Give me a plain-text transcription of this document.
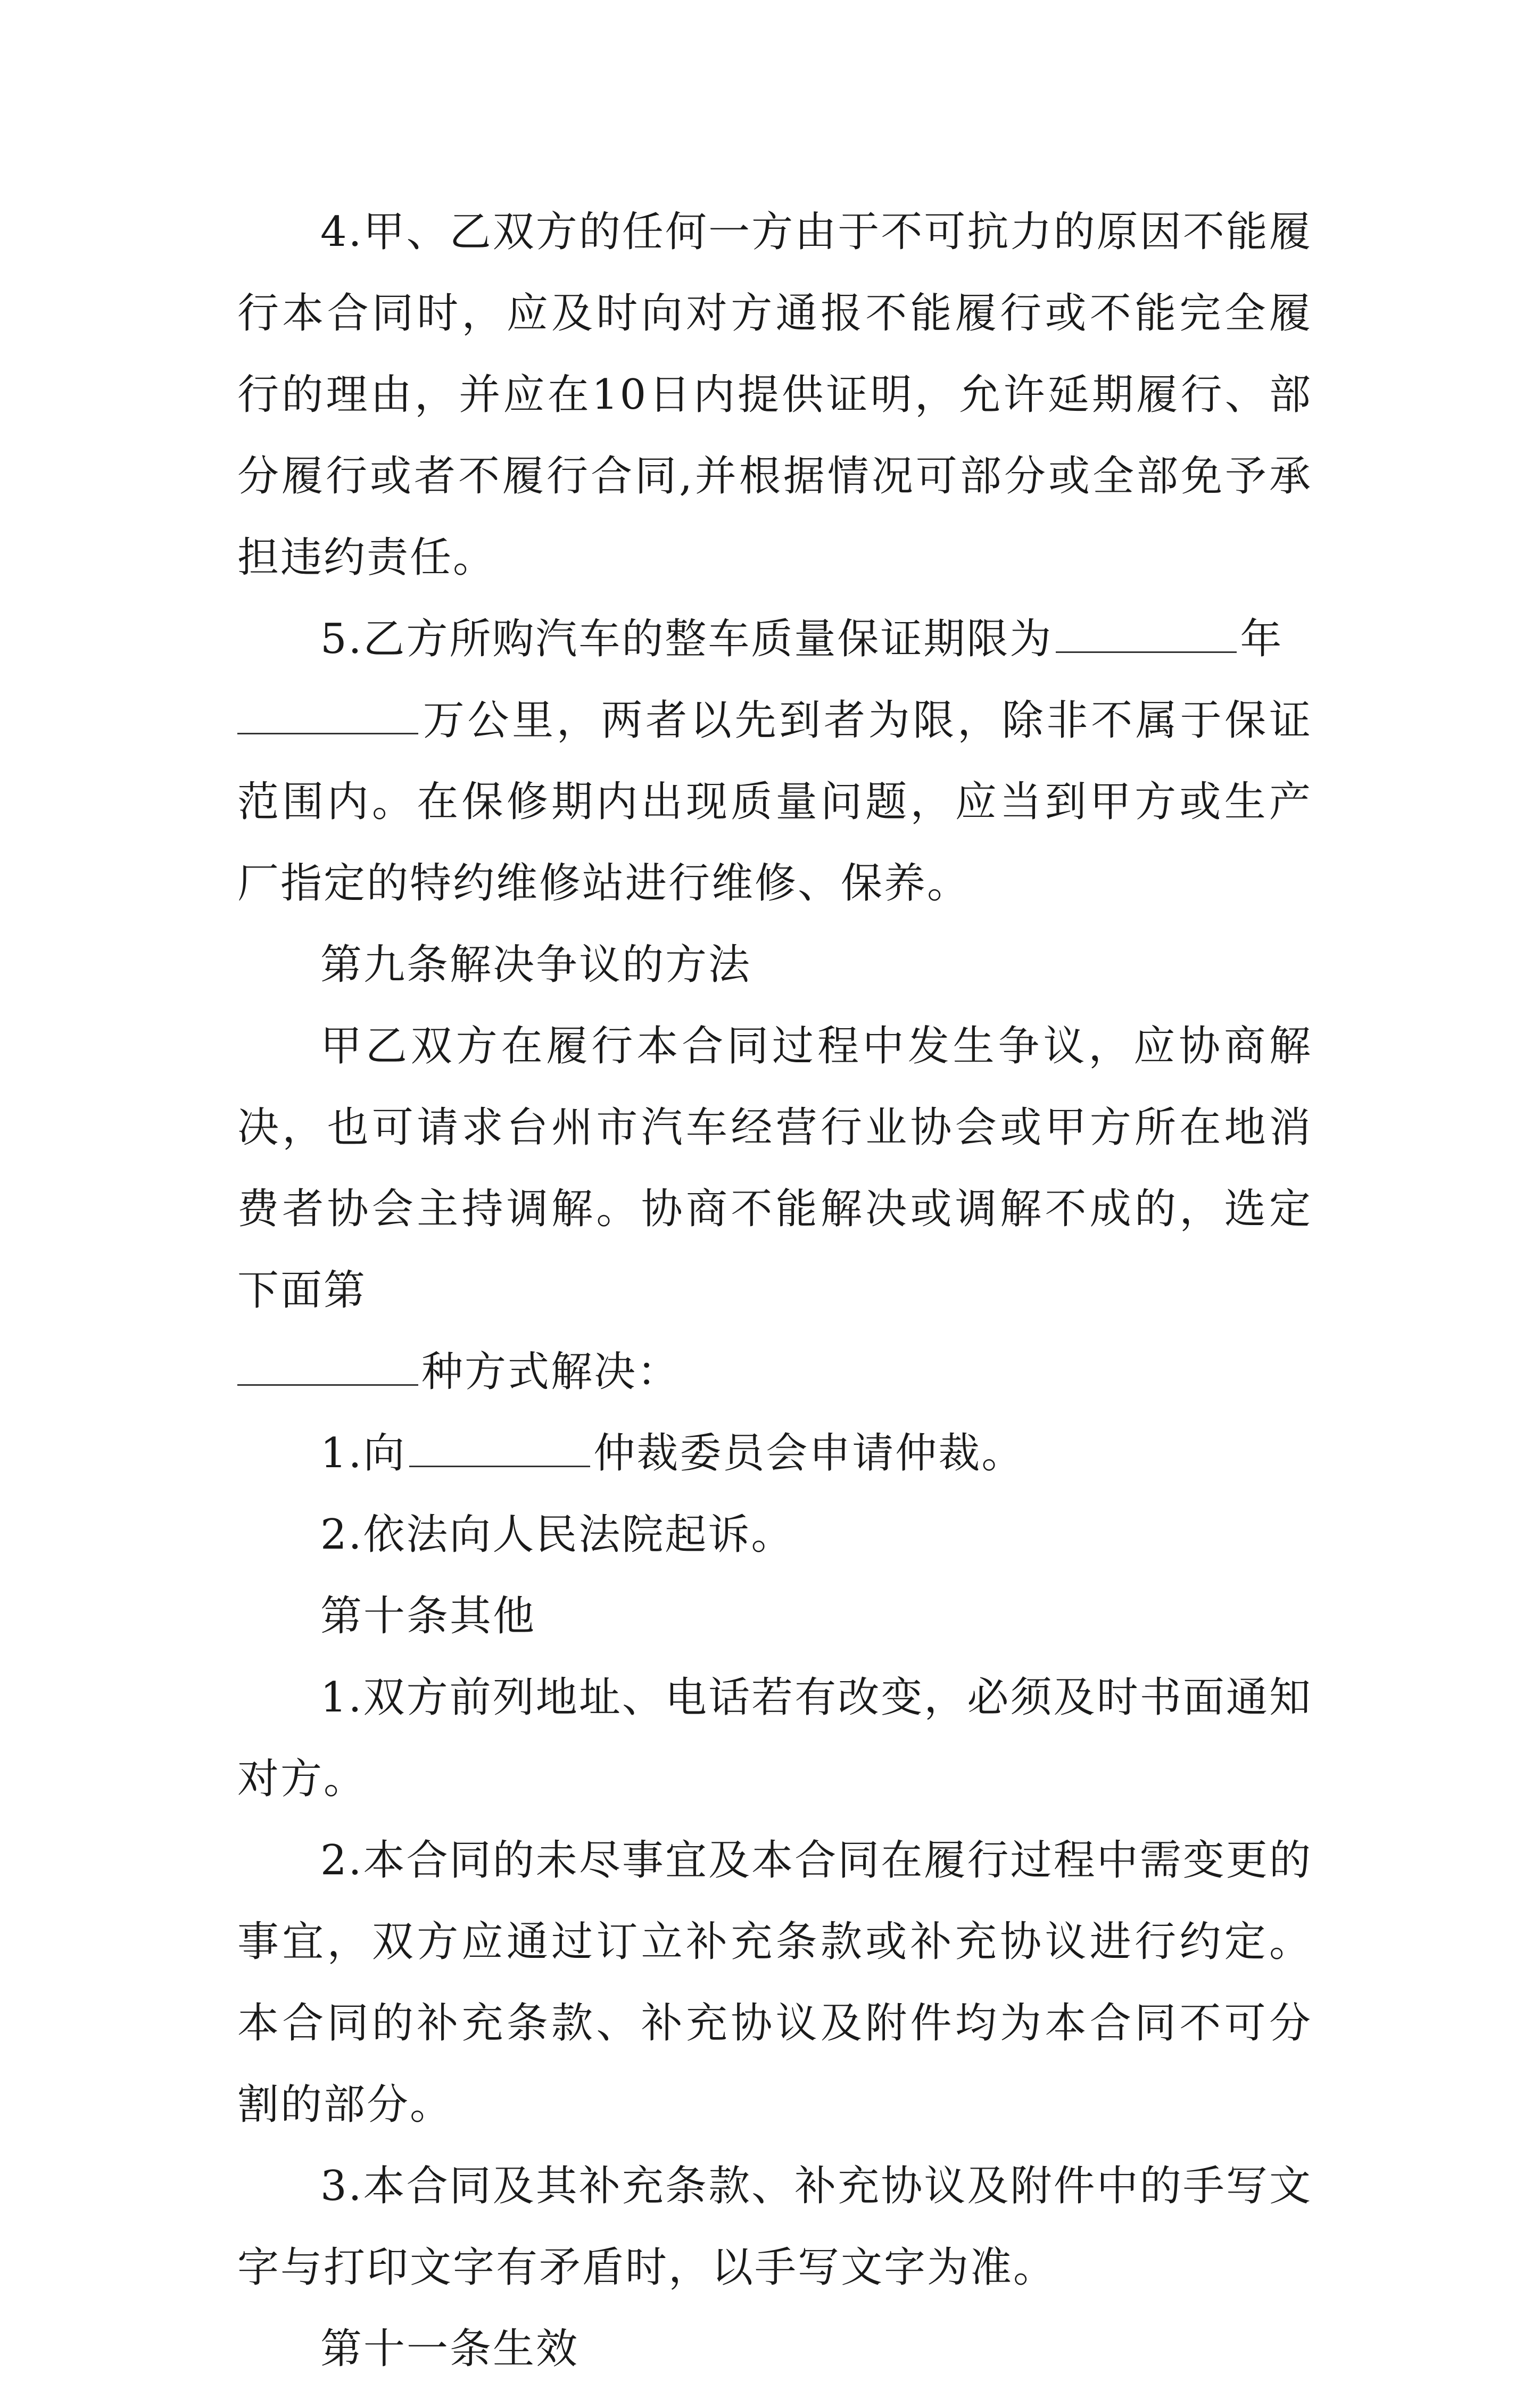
4.甲、乙双方的任何一方由于不可抗力的原因不能履行本合同时，应及时向对方通报不能履行或不能完全履行的理由，并应在10日内提供证明，允许延期履行、部分履行或者不履行合同,并根据情况可部分或全部免予承担违约责任。

5.乙方所购汽车的整车质量保证期限为	年
万公里，两者以先到者为限，除非不属于保证范围内。在保修期内出现质量问题，应当到甲方或生产厂指定的特约维修站进行维修、保养。

第九条解决争议的方法

甲乙双方在履行本合同过程中发生争议，应协商解决，也可请求台州市汽车经营行业协会或甲方所在地消费者协会主持调解。协商不能解决或调解不成的，选定下面第
种方式解决：

1.向	仲裁委员会申请仲裁。

2.依法向人民法院起诉。

第十条其他

1.双方前列地址、电话若有改变，必须及时书面通知对方。

2.本合同的未尽事宜及本合同在履行过程中需变更的事宜，双方应通过订立补充条款或补充协议进行约定。本合同的补充条款、补充协议及附件均为本合同不可分割的部分。

3.本合同及其补充条款、补充协议及附件中的手写文字与打印文字有矛盾时，以手写文字为准。

第十一条生效
